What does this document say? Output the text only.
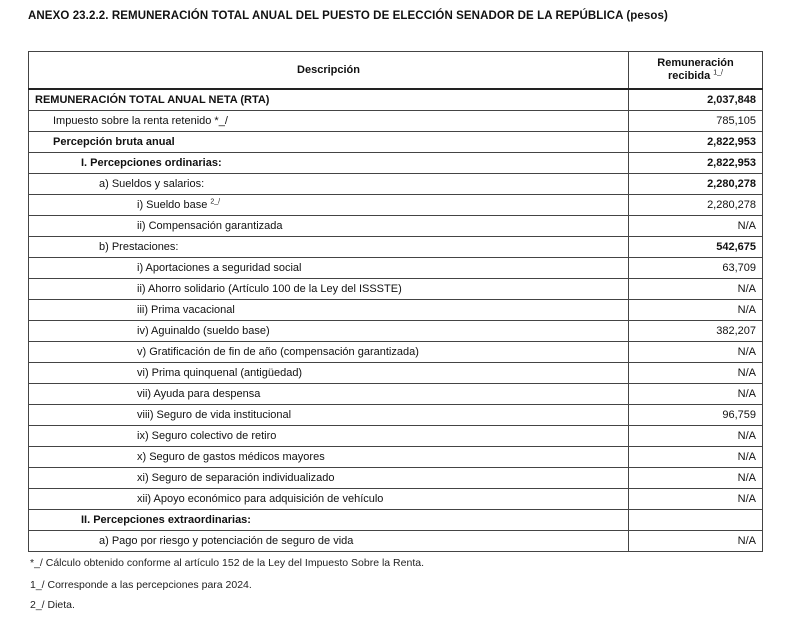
ANEXO 23.2.2. REMUNERACIÓN TOTAL ANUAL DEL PUESTO DE ELECCIÓN SENADOR DE LA REPÚBLICA (pesos)
Descripción	Remuneración
recibida $^{1\_/}$
REMUNERACIÓN TOTAL ANUAL NETA (RTA)	2,037,848
Impuesto sobre la renta retenido *_/	785,105
Percepción bruta anual	2,822,953
I. Percepciones ordinarias:	2,822,953
a) Sueldos y salarios:	2,280,278
i) Sueldo base $^{2\_/}$	2,280,278
ii) Compensación garantizada	N/A
b) Prestaciones:	542,675
i) Aportaciones a seguridad social	63,709
ii) Ahorro solidario (Artículo 100 de la Ley del ISSSTE)	N/A
iii) Prima vacacional	N/A
iv) Aguinaldo (sueldo base)	382,207
v) Gratificación de fin de año (compensación garantizada)	N/A
vi) Prima quinquenal (antigüedad)	N/A
vii) Ayuda para despensa	N/A
viii) Seguro de vida institucional	96,759
ix) Seguro colectivo de retiro	N/A
x) Seguro de gastos médicos mayores	N/A
xi) Seguro de separación individualizado	N/A
xii) Apoyo económico para adquisición de vehículo	N/A
II. Percepciones extraordinarias:	
a) Pago por riesgo y potenciación de seguro de vida	N/A
*_/ Cálculo obtenido conforme al artículo 152 de la Ley del Impuesto Sobre la Renta.
1_/ Corresponde a las percepciones para 2024.
2_/ Dieta.
